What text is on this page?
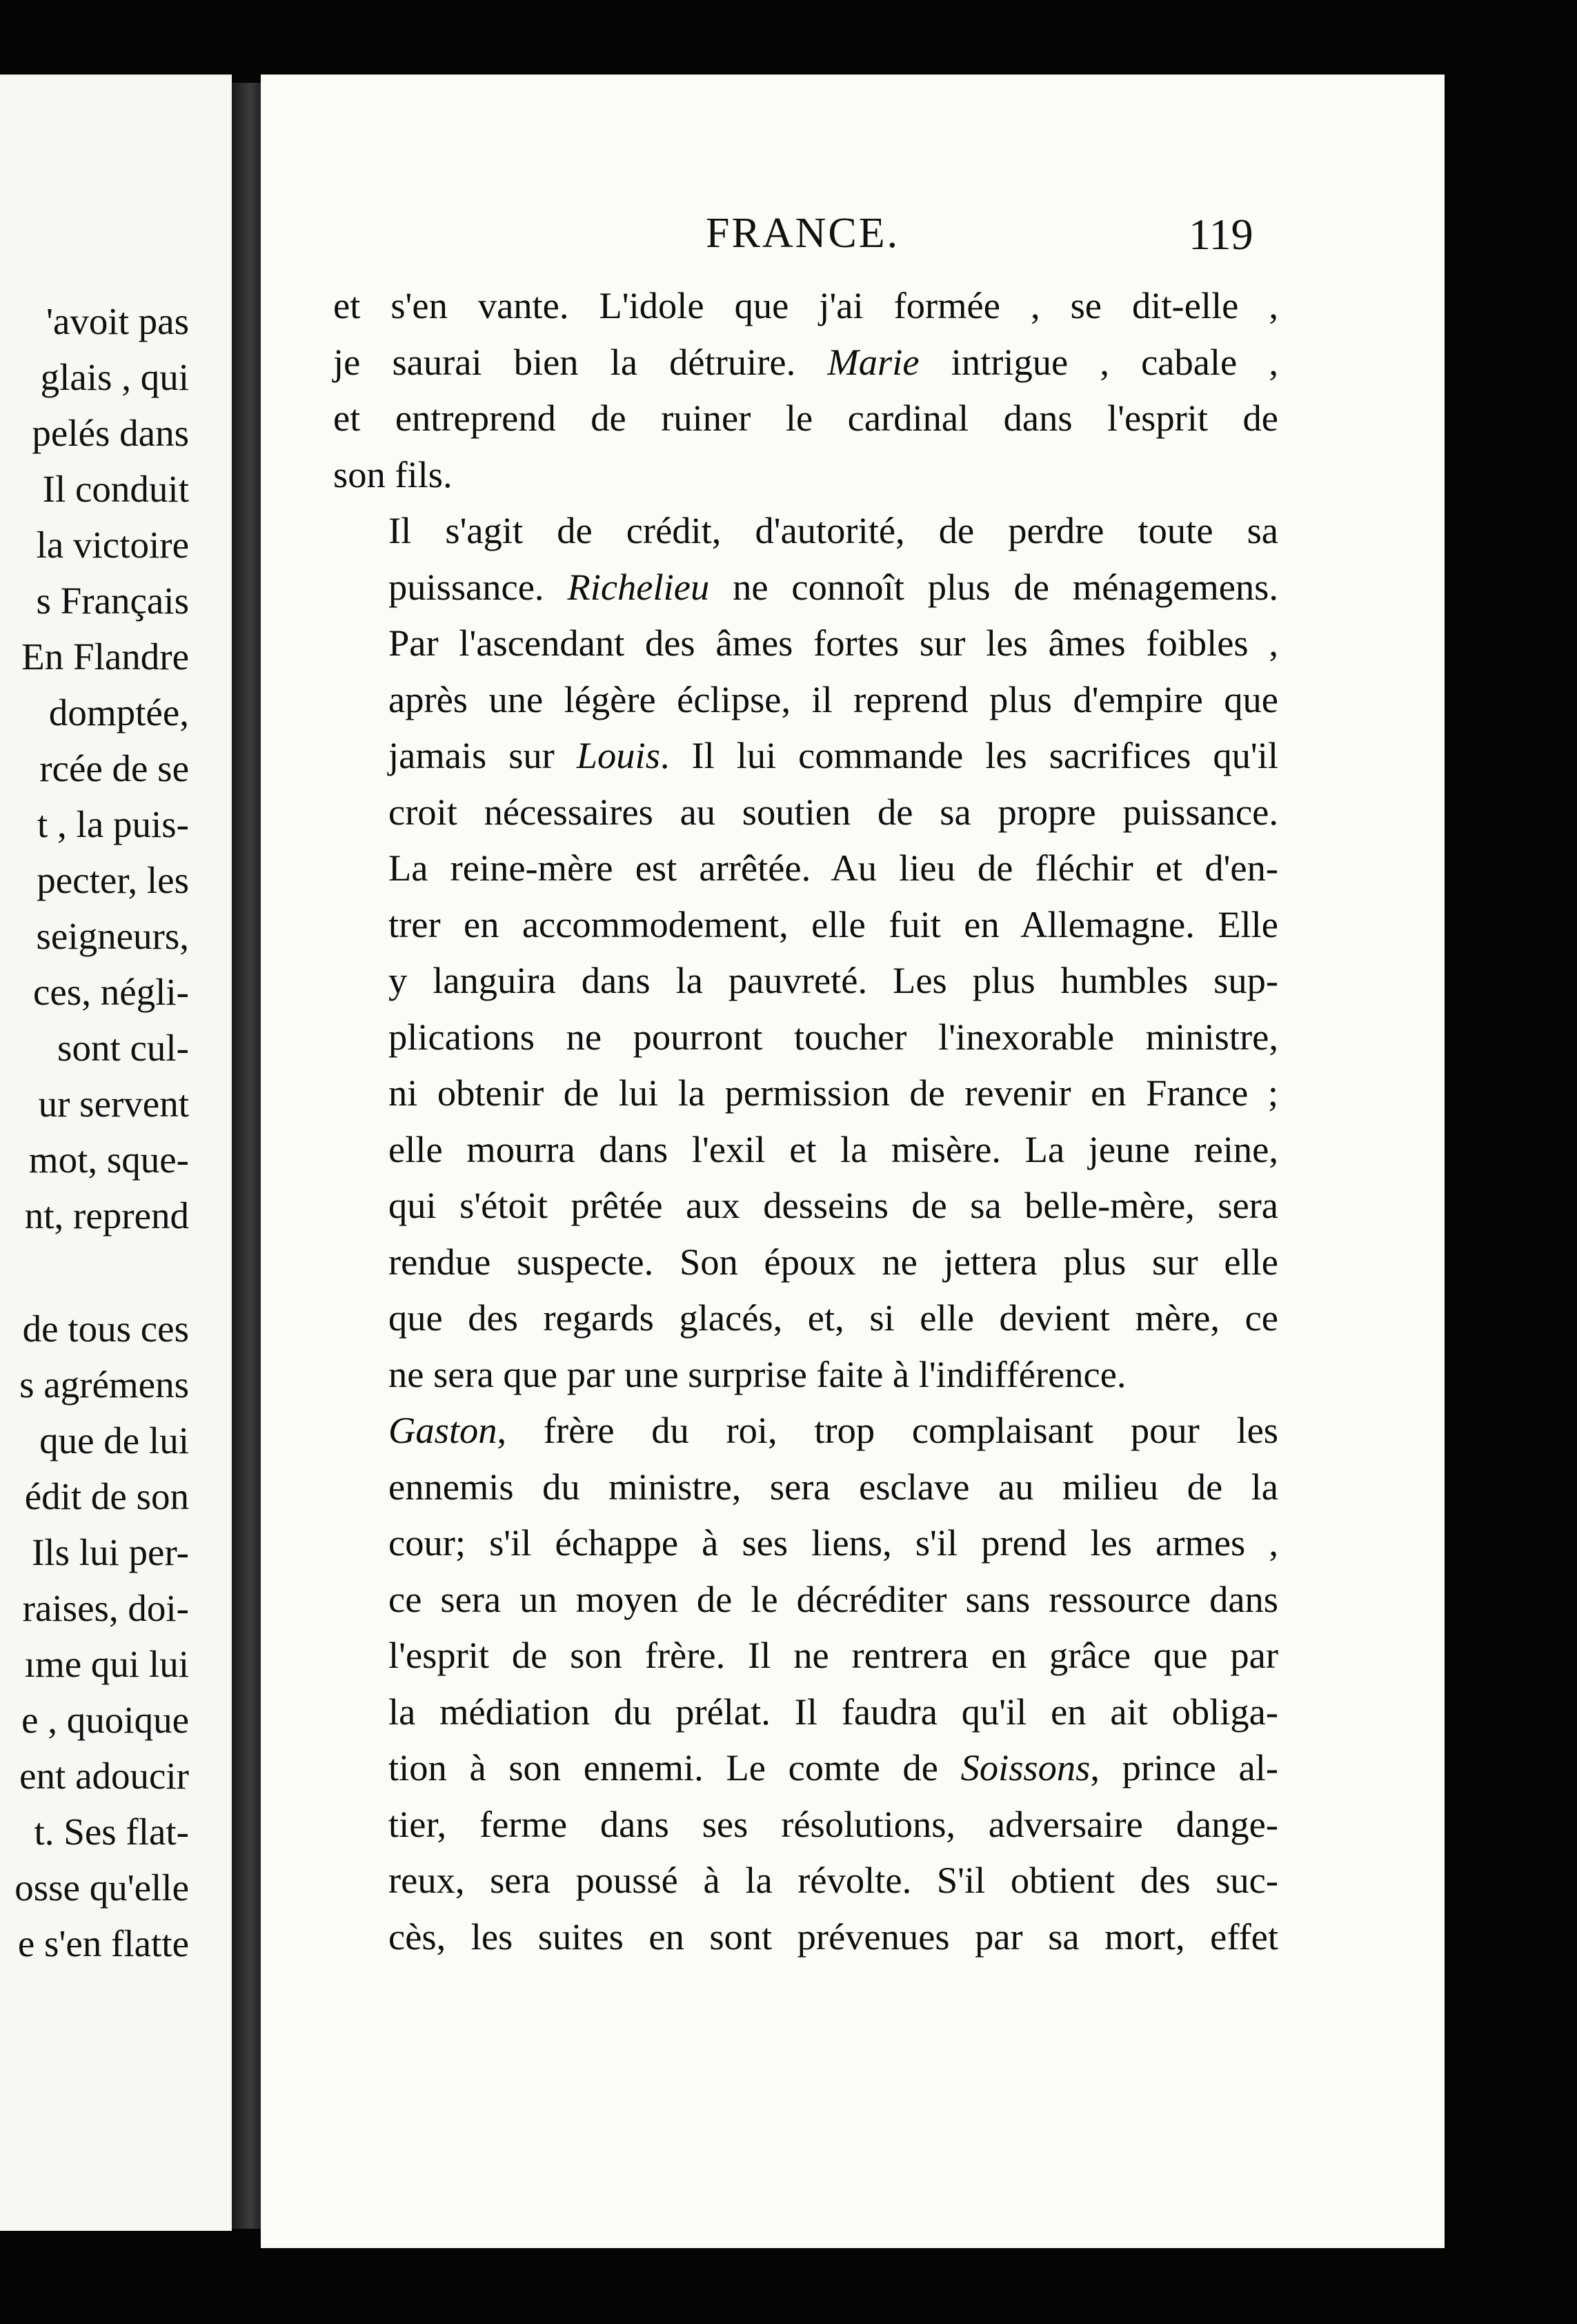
'avoit pas
glais , qui
pelés dans
Il conduit
la victoire
s Français
En Flandre
domptée,
rcée de se
t , la puis-
pecter, les
seigneurs,
ces, négli-
sont cul-
ur servent
mot, sque-
nt, reprend
de tous ces
s agrémens
que de lui
édit de son
Ils lui per-
raises, doi-
ıme qui lui
e , quoique
ent adoucir
t. Ses flat-
osse qu'elle
e s'en flatte
FRANCE.	119

et s'en vante. L'idole que j'ai formée , se dit-elle ,
je saurai bien la détruire. Marie intrigue , cabale ,
et entreprend de ruiner le cardinal dans l'esprit de
son fils.

Il s'agit de crédit, d'autorité, de perdre toute sa
puissance. Richelieu ne connoît plus de ménagemens.
Par l'ascendant des âmes fortes sur les âmes foibles ,
après une légère éclipse, il reprend plus d'empire que
jamais sur Louis. Il lui commande les sacrifices qu'il
croit nécessaires au soutien de sa propre puissance.
La reine-mère est arrêtée. Au lieu de fléchir et d'en-
trer en accommodement, elle fuit en Allemagne. Elle
y languira dans la pauvreté. Les plus humbles sup-
plications ne pourront toucher l'inexorable ministre,
ni obtenir de lui la permission de revenir en France ;
elle mourra dans l'exil et la misère. La jeune reine,
qui s'étoit prêtée aux desseins de sa belle-mère, sera
rendue suspecte. Son époux ne jettera plus sur elle
que des regards glacés, et, si elle devient mère, ce
ne sera que par une surprise faite à l'indifférence.

Gaston, frère du roi, trop complaisant pour les
ennemis du ministre, sera esclave au milieu de la
cour; s'il échappe à ses liens, s'il prend les armes ,
ce sera un moyen de le décréditer sans ressource dans
l'esprit de son frère. Il ne rentrera en grâce que par
la médiation du prélat. Il faudra qu'il en ait obliga-
tion à son ennemi. Le comte de Soissons, prince al-
tier, ferme dans ses résolutions, adversaire dange-
reux, sera poussé à la révolte. S'il obtient des suc-
cès, les suites en sont prévenues par sa mort, effet
